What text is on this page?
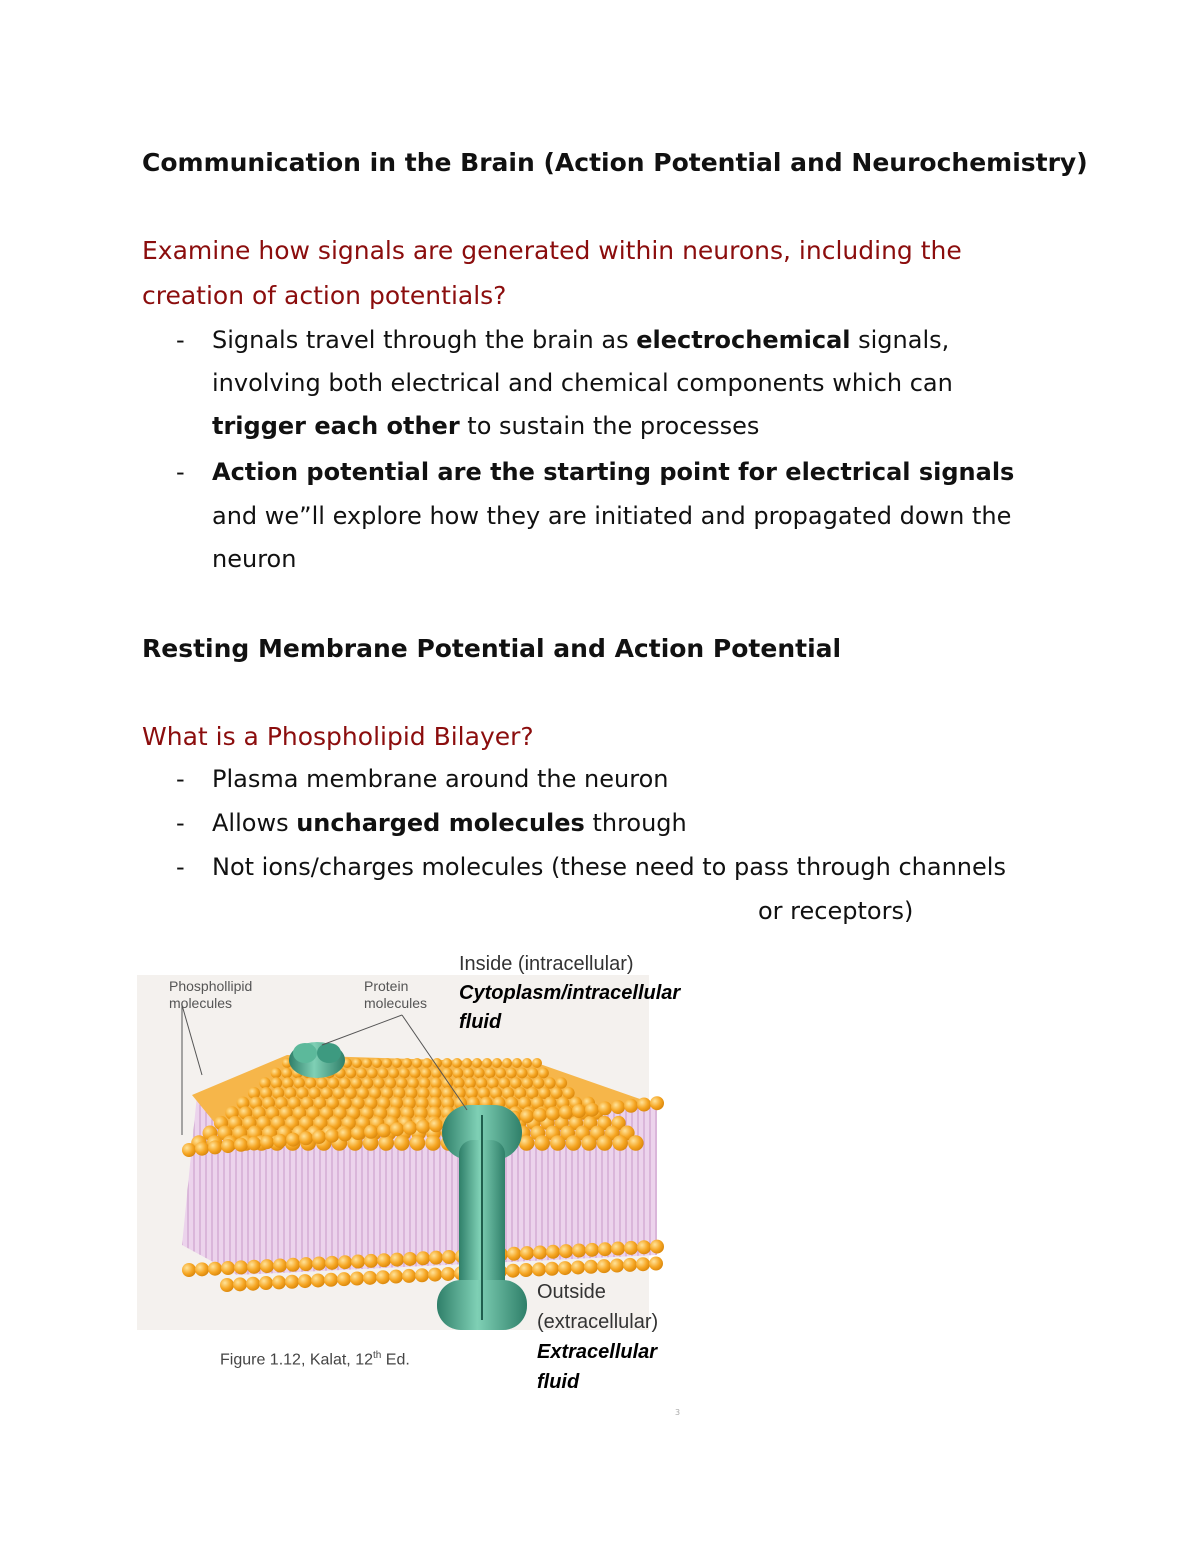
Communication in the Brain (Action Potential and Neurochemistry)
Examine how signals are generated within neurons, including the
creation of action potentials?
- Signals travel through the brain as electrochemical signals,
involving both electrical and chemical components which can
trigger each other to sustain the processes
- Action potential are the starting point for electrical signals
and we”ll explore how they are initiated and propagated down the
neuron
Resting Membrane Potential and Action Potential
What is a Phospholipid Bilayer?
- Plasma membrane around the neuron
- Allows uncharged molecules through
- Not ions/charges molecules (these need to pass through channels
or receptors)
Phosphollipid
molecules
Protein
molecules
Inside (intracellular)
Cytoplasm/intracellular
fluid
Figure 1.12, Kalat, 12th Ed.
Outside
(extracellular)
Extracellular
fluid
3
